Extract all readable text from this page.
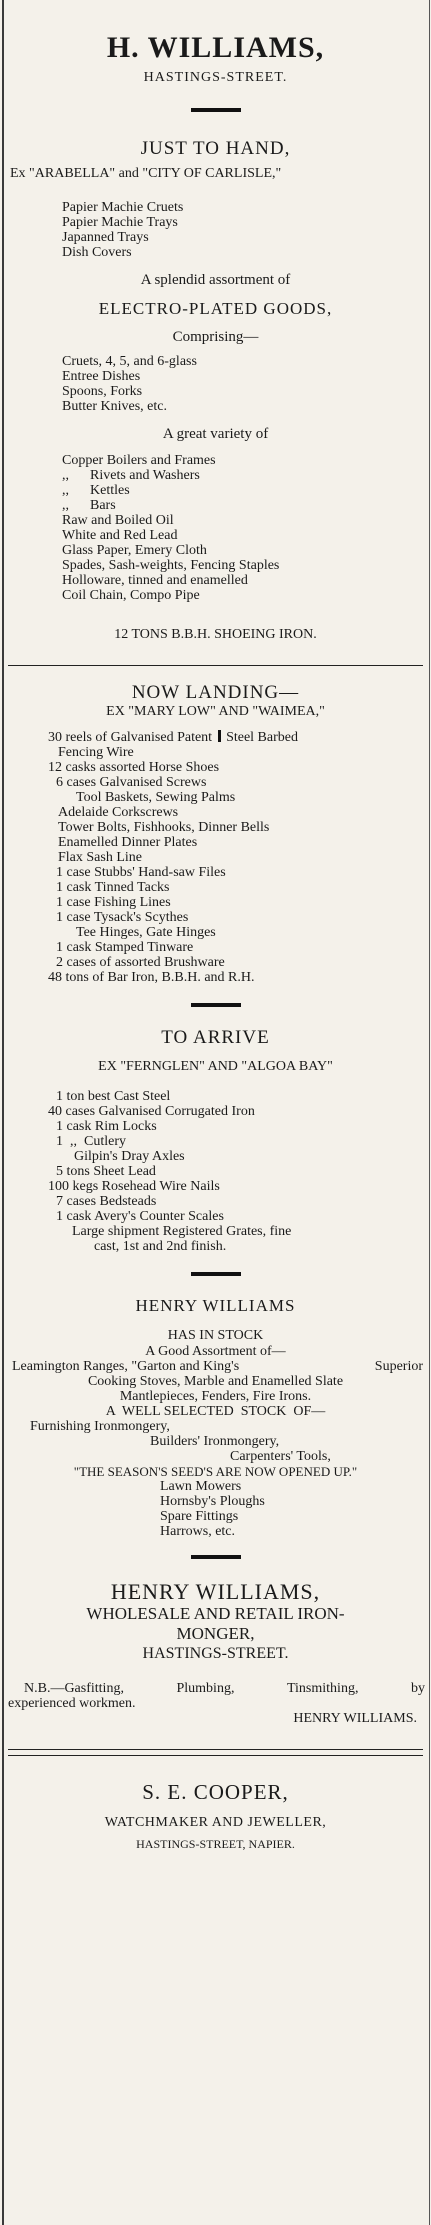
H. WILLIAMS,
HASTINGS-STREET.
JUST TO HAND,
Ex "ARABELLA" and "CITY OF CARLISLE,"
Papier Machie Cruets
Papier Machie Trays
Japanned Trays
Dish Covers
A splendid assortment of
ELECTRO-PLATED GOODS,
Comprising—
Cruets, 4, 5, and 6-glass
Entree Dishes
Spoons, Forks
Butter Knives, etc.
A great variety of
Copper Boilers and Frames
,,      Rivets and Washers
,,      Kettles
,,      Bars
Raw and Boiled Oil
White and Red Lead
Glass Paper, Emery Cloth
Spades, Sash-weights, Fencing Staples
Holloware, tinned and enamelled
Coil Chain, Compo Pipe
12 TONS B.B.H. SHOEING IRON.
NOW LANDING—
EX "MARY LOW" AND "WAIMEA,"
30 reels of Galvanised Patent Steel Barbed
Fencing Wire
12 casks assorted Horse Shoes
6 cases Galvanised Screws
Tool Baskets, Sewing Palms
Adelaide Corkscrews
Tower Bolts, Fishhooks, Dinner Bells
Enamelled Dinner Plates
Flax Sash Line
1 case Stubbs' Hand-saw Files
1 cask Tinned Tacks
1 case Fishing Lines
1 case Tysack's Scythes
Tee Hinges, Gate Hinges
1 cask Stamped Tinware
2 cases of assorted Brushware
48 tons of Bar Iron, B.B.H. and R.H.
TO ARRIVE
EX "FERNGLEN" AND "ALGOA BAY"
1 ton best Cast Steel
40 cases Galvanised Corrugated Iron
1 cask Rim Locks
1  ,,  Cutlery
Gilpin's Dray Axles
5 tons Sheet Lead
100 kegs Rosehead Wire Nails
7 cases Bedsteads
1 cask Avery's Counter Scales
Large shipment Registered Grates, fine
cast, 1st and 2nd finish.
HENRY WILLIAMS
HAS IN STOCK
A Good Assortment of—
Leamington Ranges, "Garton and King's	Superior
Cooking Stoves, Marble and Enamelled Slate
Mantlepieces, Fenders, Fire Irons.
A  WELL SELECTED  STOCK  OF—
Furnishing Ironmongery,
Builders' Ironmongery,
Carpenters' Tools,
"THE SEASON'S SEED'S ARE NOW OPENED UP."
Lawn Mowers
Hornsby's Ploughs
Spare Fittings
Harrows, etc.
HENRY WILLIAMS,
WHOLESALE AND RETAIL IRON-
MONGER,
HASTINGS-STREET.
N.B.—Gasfitting,	Plumbing,	Tinsmithing,	by
experienced workmen.
HENRY WILLIAMS.
S. E. COOPER,
WATCHMAKER AND JEWELLER,
HASTINGS-STREET, NAPIER.
